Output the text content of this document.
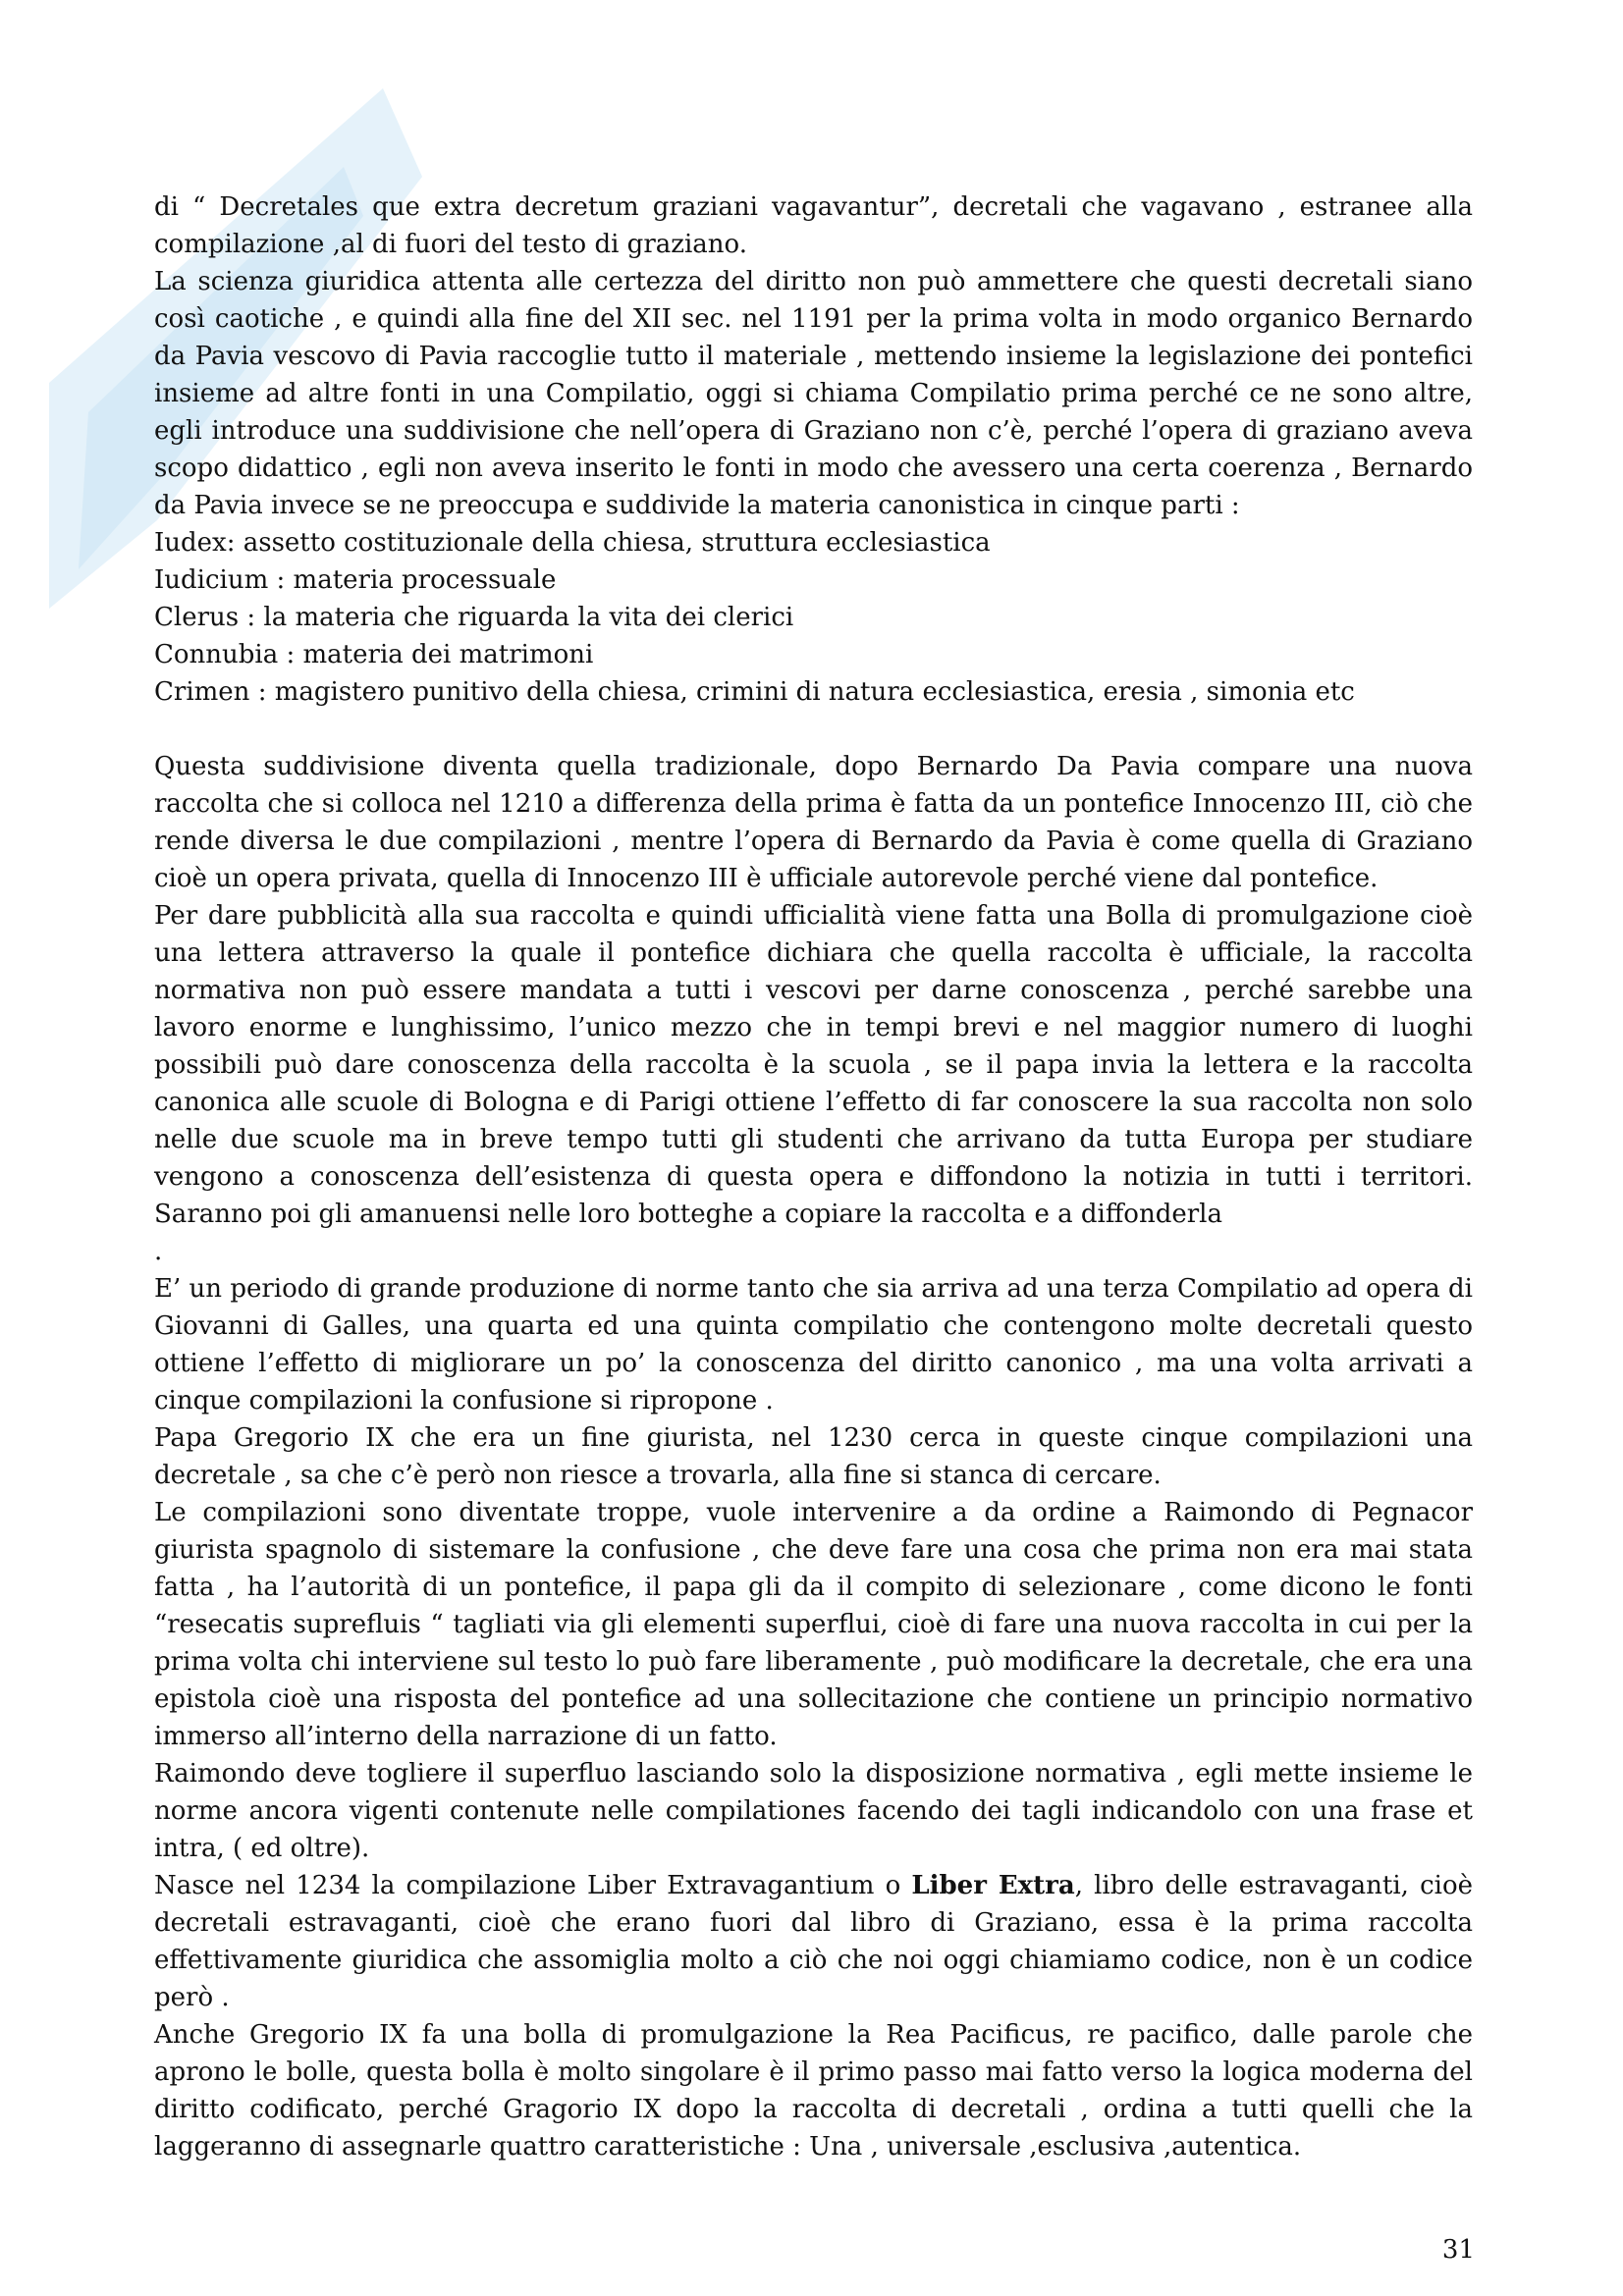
di “ Decretales que extra decretum graziani vagavantur”, decretali che vagavano , estranee alla compilazione ,al di fuori del testo di graziano.

La scienza giuridica attenta alle certezza del diritto non può ammettere che questi decretali siano così caotiche , e quindi alla fine del XII sec. nel 1191 per la prima volta in modo organico Bernardo da Pavia vescovo di Pavia raccoglie tutto il materiale , mettendo insieme la legislazione dei pontefici insieme ad altre fonti in una Compilatio, oggi si chiama Compilatio prima perché ce ne sono altre, egli introduce una suddivisione che nell’opera di Graziano non c’è, perché l’opera di graziano aveva scopo didattico , egli non aveva inserito le fonti in modo che avessero una certa coerenza , Bernardo da Pavia invece se ne preoccupa e suddivide la materia canonistica in cinque parti :

Iudex: assetto costituzionale della chiesa, struttura ecclesiastica

Iudicium : materia processuale

Clerus : la materia che riguarda la vita dei clerici

Connubia : materia dei matrimoni

Crimen : magistero punitivo della chiesa, crimini di natura ecclesiastica, eresia , simonia etc

Questa suddivisione diventa quella tradizionale, dopo Bernardo Da Pavia compare una nuova raccolta che si colloca nel 1210 a differenza della prima è fatta da un pontefice Innocenzo III, ciò che rende diversa le due compilazioni , mentre l’opera di Bernardo da Pavia è come quella di Graziano cioè un opera privata, quella di Innocenzo III è ufficiale autorevole perché viene dal pontefice.

Per dare pubblicità alla sua raccolta e quindi ufficialità viene fatta una Bolla di promulgazione cioè una lettera attraverso la quale il pontefice dichiara che quella raccolta è ufficiale, la raccolta normativa non può essere mandata a tutti i vescovi per darne conoscenza , perché sarebbe una lavoro enorme e lunghissimo, l’unico mezzo che in tempi brevi e nel maggior numero di luoghi possibili può dare conoscenza della raccolta è la scuola , se il papa invia la lettera e la raccolta canonica alle scuole di Bologna e di Parigi ottiene l’effetto di far conoscere la sua raccolta non solo nelle due scuole ma in breve tempo tutti gli studenti che arrivano da tutta Europa per studiare vengono a conoscenza dell’esistenza di questa opera e diffondono la notizia in tutti i territori. Saranno poi gli amanuensi nelle loro botteghe a copiare la raccolta e a diffonderla

.

E’ un periodo di grande produzione di norme tanto che sia arriva ad una terza Compilatio ad opera di Giovanni di Galles, una quarta ed una quinta compilatio che contengono molte decretali questo ottiene l’effetto di migliorare un po’ la conoscenza del diritto canonico , ma una volta arrivati a cinque compilazioni la confusione si ripropone .

Papa Gregorio IX che era un fine giurista, nel 1230 cerca in queste cinque compilazioni una decretale , sa che c’è però non riesce a trovarla, alla fine si stanca di cercare.

Le compilazioni sono diventate troppe, vuole intervenire a da ordine a Raimondo di Pegnacor giurista spagnolo di sistemare la confusione , che deve fare una cosa che prima non era mai stata fatta , ha l’autorità di un pontefice, il papa gli da il compito di selezionare , come dicono le fonti “resecatis suprefluis “ tagliati via gli elementi superflui, cioè di fare una nuova raccolta in cui per la prima volta chi interviene sul testo lo può fare liberamente , può modificare la decretale, che era una epistola cioè una risposta del pontefice ad una sollecitazione che contiene un principio normativo immerso all’interno della narrazione di un fatto.

Raimondo deve togliere il superfluo lasciando solo la disposizione normativa , egli mette insieme le norme ancora vigenti contenute nelle compilationes facendo dei tagli indicandolo con una frase et intra, ( ed oltre).

Nasce nel 1234 la compilazione Liber Extravagantium o Liber Extra, libro delle estravaganti, cioè decretali estravaganti, cioè che erano fuori dal libro di Graziano, essa è la prima raccolta effettivamente giuridica che assomiglia molto a ciò che noi oggi chiamiamo codice, non è un codice però .

Anche Gregorio IX fa una bolla di promulgazione la Rea Pacificus, re pacifico, dalle parole che aprono le bolle, questa bolla è molto singolare è il primo passo mai fatto verso la logica moderna del diritto codificato, perché Gragorio IX dopo la raccolta di decretali , ordina a tutti quelli che la laggeranno di assegnarle quattro caratteristiche : Una , universale ,esclusiva ,autentica.

31
